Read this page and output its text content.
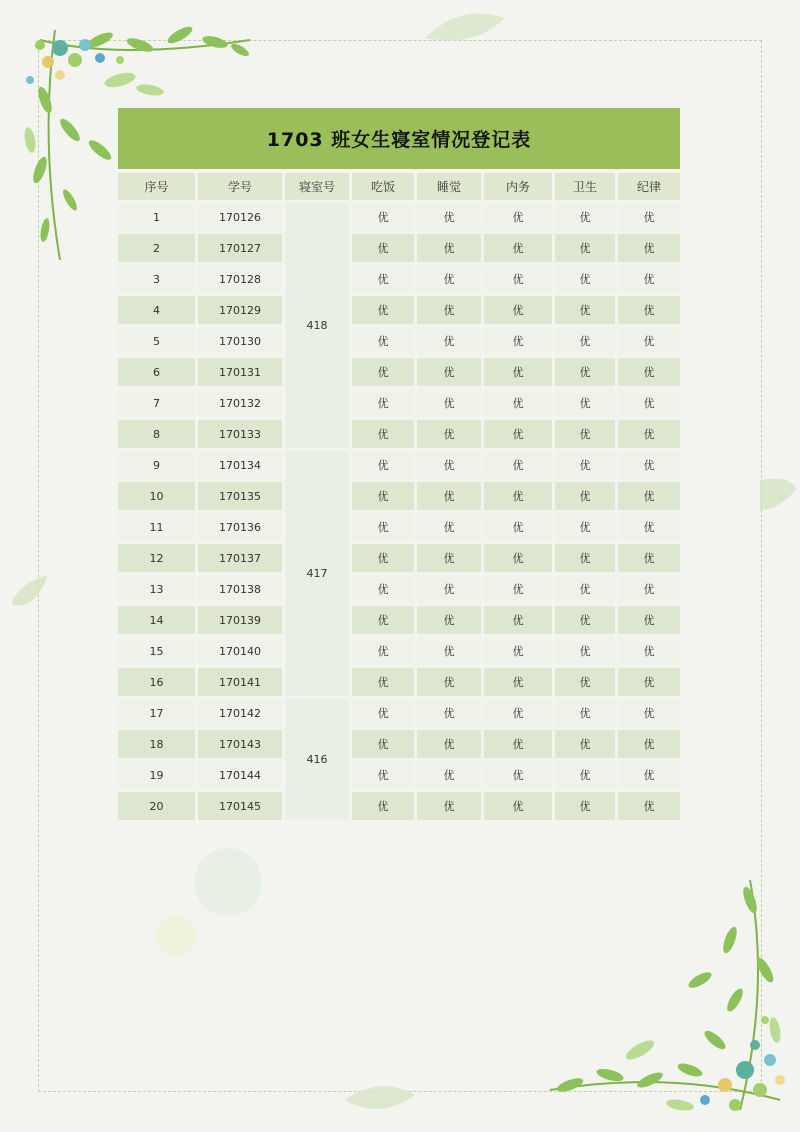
1703 班女生寝室情况登记表
序号	学号	寝室号	吃饭	睡觉	内务	卫生	纪律
1	170126	418	优	优	优	优	优
2	170127		优	优	优	优	优
3	170128		优	优	优	优	优
4	170129		优	优	优	优	优
5	170130		优	优	优	优	优
6	170131		优	优	优	优	优
7	170132		优	优	优	优	优
8	170133		优	优	优	优	优
9	170134	417	优	优	优	优	优
10	170135		优	优	优	优	优
11	170136		优	优	优	优	优
12	170137		优	优	优	优	优
13	170138		优	优	优	优	优
14	170139		优	优	优	优	优
15	170140		优	优	优	优	优
16	170141		优	优	优	优	优
17	170142	416	优	优	优	优	优
18	170143		优	优	优	优	优
19	170144		优	优	优	优	优
20	170145		优	优	优	优	优
